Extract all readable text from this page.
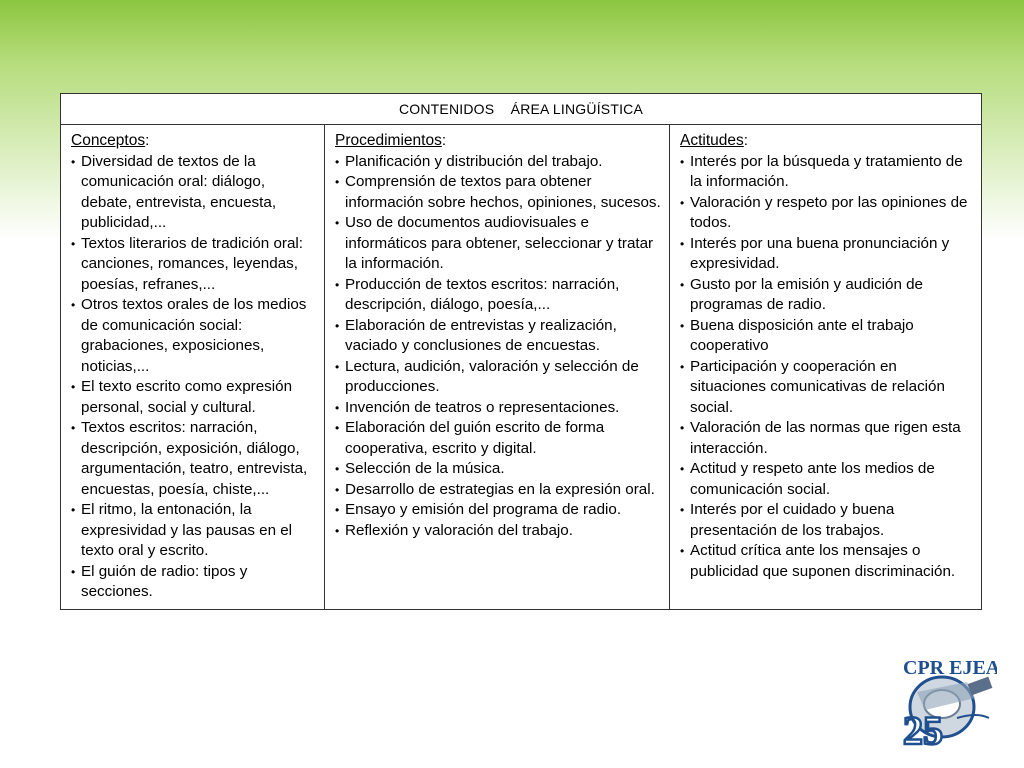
CONTENIDOS ÁREA LINGÜÍSTICA

Conceptos:
• Diversidad de textos de la comunicación oral: diálogo, debate, entrevista, encuesta, publicidad,...
• Textos literarios de tradición oral: canciones, romances, leyendas, poesías, refranes,...
• Otros textos orales de los medios de comunicación social: grabaciones, exposiciones, noticias,...
• El texto escrito como expresión personal, social y cultural.
• Textos escritos: narración, descripción, exposición, diálogo, argumentación, teatro, entrevista, encuestas, poesía, chiste,...
• El ritmo, la entonación, la expresividad y las pausas en el texto oral y escrito.
• El guión de radio: tipos y secciones.

Procedimientos:
• Planificación y distribución del trabajo.
• Comprensión de textos para obtener información sobre hechos, opiniones, sucesos.
• Uso de documentos audiovisuales e informáticos para obtener, seleccionar y tratar la información.
• Producción de textos escritos: narración, descripción, diálogo, poesía,...
• Elaboración de entrevistas y realización, vaciado y conclusiones de encuestas.
• Lectura, audición, valoración y selección de producciones.
• Invención de teatros o representaciones.
• Elaboración del guión escrito de forma cooperativa, escrito y digital.
• Selección de la música.
• Desarrollo de estrategias en la expresión oral.
• Ensayo y emisión del programa de radio.
• Reflexión y valoración del trabajo.

Actitudes:
• Interés por la búsqueda y tratamiento de la información.
• Valoración y respeto por las opiniones de todos.
• Interés por una buena pronunciación y expresividad.
• Gusto por la emisión y audición de programas de radio.
• Buena disposición ante el trabajo cooperativo
• Participación y cooperación en situaciones comunicativas de relación social.
• Valoración de las normas que rigen esta interacción.
• Actitud y respeto ante los medios de comunicación social.
• Interés por el cuidado y buena presentación de los trabajos.
• Actitud crítica ante los mensajes o publicidad que suponen discriminación.
CPR EJEA
25
